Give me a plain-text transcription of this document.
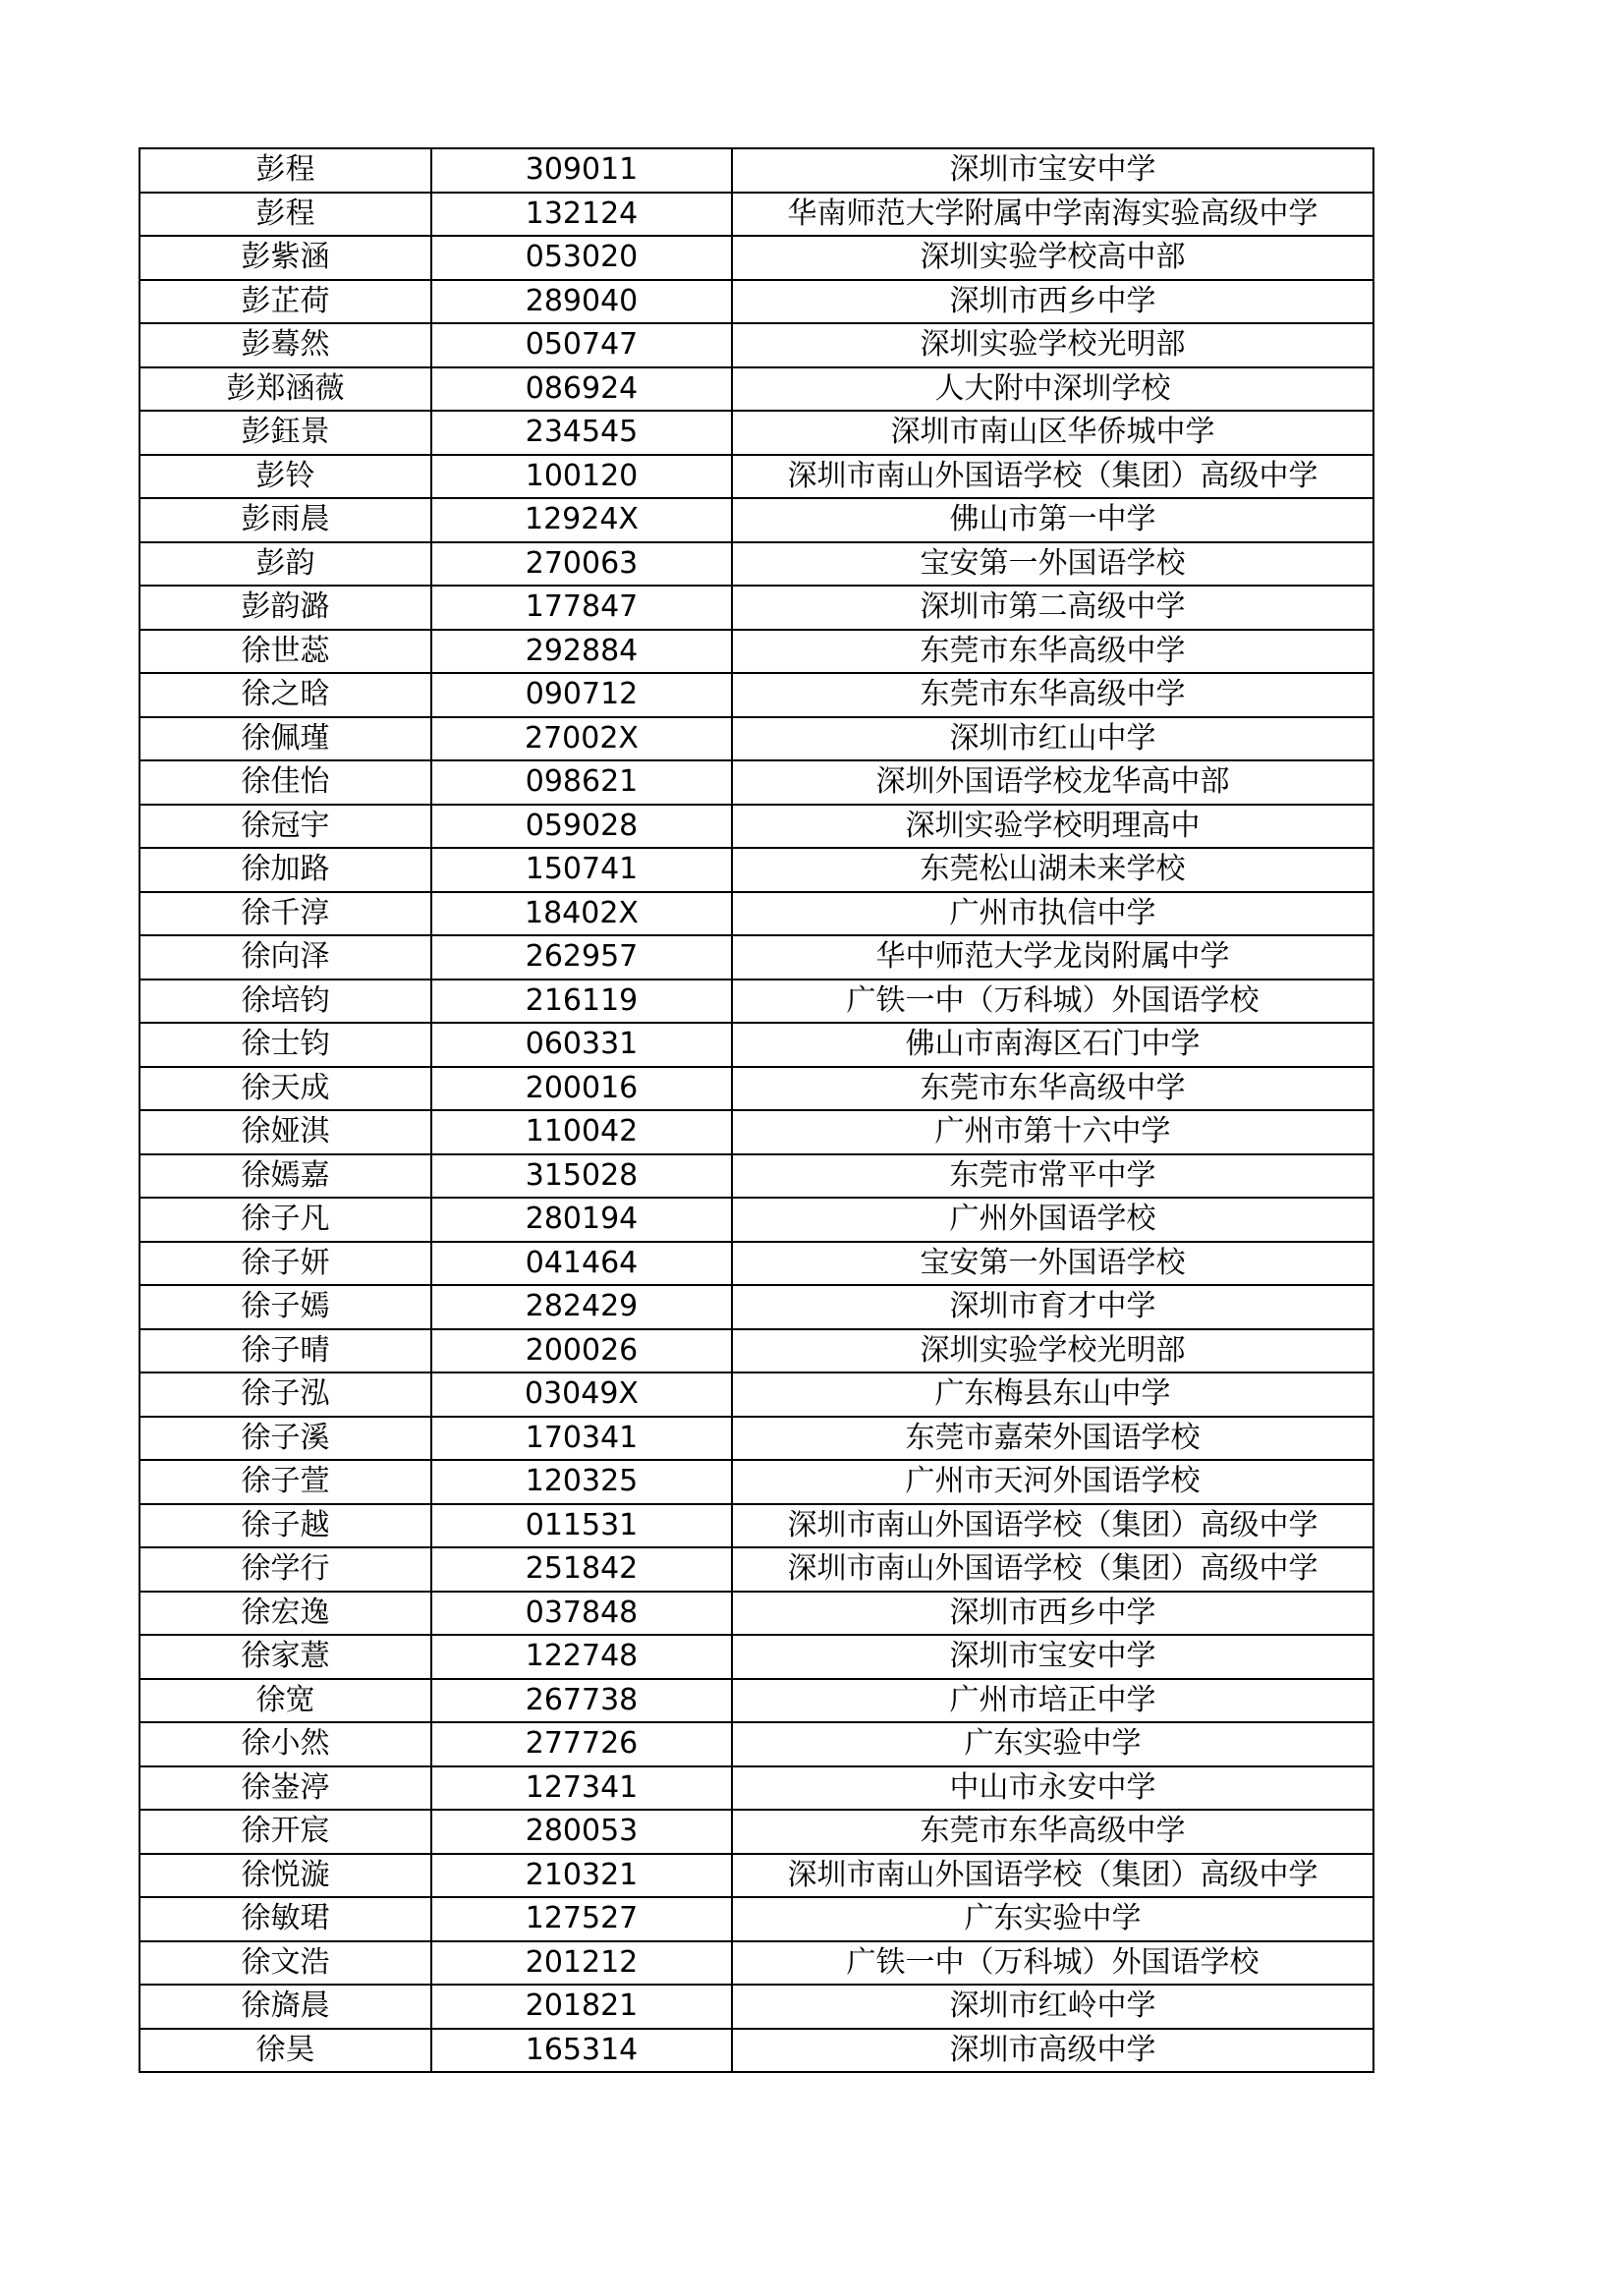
彭程	309011	深圳市宝安中学
彭程	132124	华南师范大学附属中学南海实验高级中学
彭紫涵	053020	深圳实验学校高中部
彭芷荷	289040	深圳市西乡中学
彭蓦然	050747	深圳实验学校光明部
彭郑涵薇	086924	人大附中深圳学校
彭鈺景	234545	深圳市南山区华侨城中学
彭铃	100120	深圳市南山外国语学校（集团）高级中学
彭雨晨	12924X	佛山市第一中学
彭韵	270063	宝安第一外国语学校
彭韵潞	177847	深圳市第二高级中学
徐世蕊	292884	东莞市东华高级中学
徐之晗	090712	东莞市东华高级中学
徐佩瑾	27002X	深圳市红山中学
徐佳怡	098621	深圳外国语学校龙华高中部
徐冠宇	059028	深圳实验学校明理高中
徐加路	150741	东莞松山湖未来学校
徐千淳	18402X	广州市执信中学
徐向泽	262957	华中师范大学龙岗附属中学
徐培钧	216119	广铁一中（万科城）外国语学校
徐士钧	060331	佛山市南海区石门中学
徐天成	200016	东莞市东华高级中学
徐娅淇	110042	广州市第十六中学
徐嫣嘉	315028	东莞市常平中学
徐子凡	280194	广州外国语学校
徐子妍	041464	宝安第一外国语学校
徐子嫣	282429	深圳市育才中学
徐子晴	200026	深圳实验学校光明部
徐子泓	03049X	广东梅县东山中学
徐子溪	170341	东莞市嘉荣外国语学校
徐子萱	120325	广州市天河外国语学校
徐子越	011531	深圳市南山外国语学校（集团）高级中学
徐学行	251842	深圳市南山外国语学校（集团）高级中学
徐宏逸	037848	深圳市西乡中学
徐家薏	122748	深圳市宝安中学
徐宽	267738	广州市培正中学
徐小然	277726	广东实验中学
徐崟渟	127341	中山市永安中学
徐开宸	280053	东莞市东华高级中学
徐悦漩	210321	深圳市南山外国语学校（集团）高级中学
徐敏珺	127527	广东实验中学
徐文浩	201212	广铁一中（万科城）外国语学校
徐旖晨	201821	深圳市红岭中学
徐昊	165314	深圳市高级中学
